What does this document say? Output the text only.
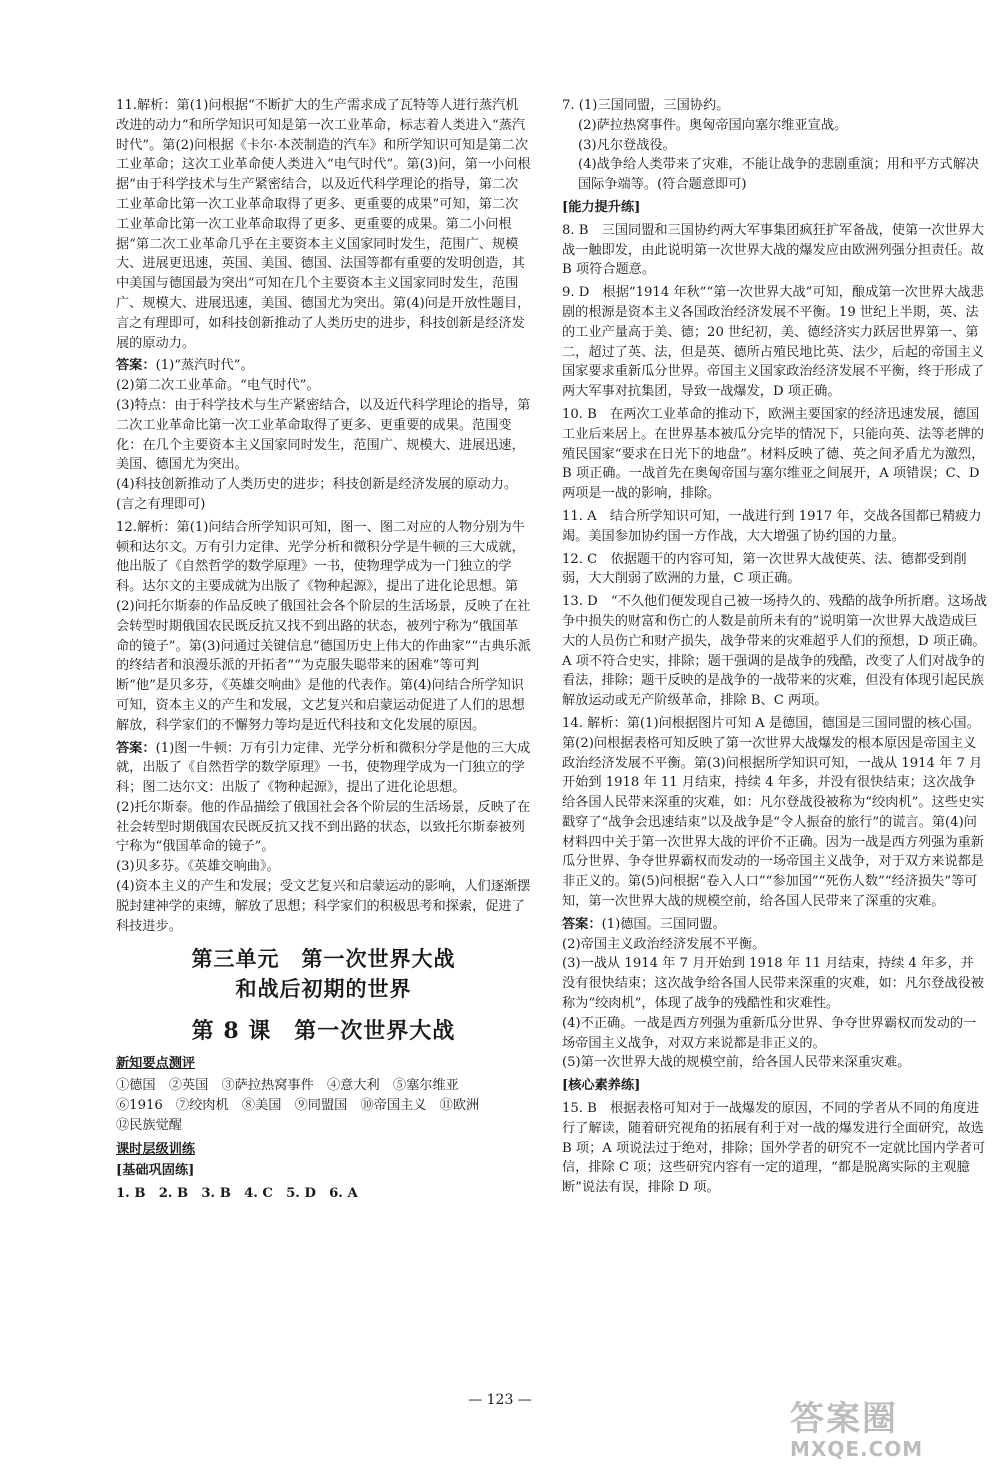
11.解析：第(1)问根据“不断扩大的生产需求成了瓦特等人进行蒸汽机改进的动力”和所学知识可知是第一次工业革命，标志着人类进入“蒸汽时代”。第(2)问根据《卡尔·本茨制造的汽车》和所学知识可知是第二次工业革命；这次工业革命使人类进入“电气时代”。第(3)问，第一小问根据“由于科学技术与生产紧密结合，以及近代科学理论的指导，第二次工业革命比第一次工业革命取得了更多、更重要的成果”可知，第二次工业革命比第一次工业革命取得了更多、更重要的成果。第二小问根据“第二次工业革命几乎在主要资本主义国家同时发生，范围广、规模大、进展更迅速，英国、美国、德国、法国等都有重要的发明创造，其中美国与德国最为突出”可知在几个主要资本主义国家同时发生，范围广、规模大、进展迅速，美国、德国尤为突出。第(4)问是开放性题目，言之有理即可，如科技创新推动了人类历史的进步，科技创新是经济发展的原动力。

答案：(1)“蒸汽时代”。

(2)第二次工业革命。“电气时代”。

(3)特点：由于科学技术与生产紧密结合，以及近代科学理论的指导，第二次工业革命比第一次工业革命取得了更多、更重要的成果。范围变化：在几个主要资本主义国家同时发生，范围广、规模大、进展迅速，美国、德国尤为突出。

(4)科技创新推动了人类历史的进步；科技创新是经济发展的原动力。(言之有理即可)

12.解析：第(1)问结合所学知识可知，图一、图二对应的人物分别为牛顿和达尔文。万有引力定律、光学分析和微积分学是牛顿的三大成就，他出版了《自然哲学的数学原理》一书，使物理学成为一门独立的学科。达尔文的主要成就为出版了《物种起源》，提出了进化论思想。第(2)问托尔斯泰的作品反映了俄国社会各个阶层的生活场景，反映了在社会转型时期俄国农民既反抗又找不到出路的状态，被列宁称为“俄国革命的镜子”。第(3)问通过关键信息“德国历史上伟大的作曲家”“古典乐派的终结者和浪漫乐派的开拓者”“为克服失聪带来的困难”等可判断“他”是贝多芬，《英雄交响曲》是他的代表作。第(4)问结合所学知识可知，资本主义的产生和发展，文艺复兴和启蒙运动促进了人们的思想解放，科学家们的不懈努力等均是近代科技和文化发展的原因。

答案：(1)图一牛顿：万有引力定律、光学分析和微积分学是他的三大成就，出版了《自然哲学的数学原理》一书，使物理学成为一门独立的学科；图二达尔文：出版了《物种起源》，提出了进化论思想。

(2)托尔斯泰。他的作品描绘了俄国社会各个阶层的生活场景，反映了在社会转型时期俄国农民既反抗又找不到出路的状态，以致托尔斯泰被列宁称为“俄国革命的镜子”。

(3)贝多芬。《英雄交响曲》。

(4)资本主义的产生和发展；受文艺复兴和启蒙运动的影响，人们逐渐摆脱封建神学的束缚，解放了思想；科学家们的积极思考和探索，促进了科技进步。

第三单元　第一次世界大战
和战后初期的世界
第 8 课　第一次世界大战
新知要点测评

①德国　②英国　③萨拉热窝事件　④意大利　⑤塞尔维亚

⑥1916　⑦绞肉机　⑧美国　⑨同盟国　⑩帝国主义　⑪欧洲

⑫民族觉醒

课时层级训练
[基础巩固练]
1. B　2. B　3. B　4. C　5. D　6. A

7. (1)三国同盟，三国协约。

(2)萨拉热窝事件。奥匈帝国向塞尔维亚宣战。

(3)凡尔登战役。

(4)战争给人类带来了灾难，不能让战争的悲剧重演；用和平方式解决国际争端等。(符合题意即可)

[能力提升练]

8. B　三国同盟和三国协约两大军事集团疯狂扩军备战，使第一次世界大战一触即发，由此说明第一次世界大战的爆发应由欧洲列强分担责任。故 B 项符合题意。

9. D　根据“1914 年秋”“第一次世界大战”可知，酿成第一次世界大战悲剧的根源是资本主义各国政治经济发展不平衡。19 世纪上半期，英、法的工业产量高于美、德；20 世纪初，美、德经济实力跃居世界第一、第二，超过了英、法，但是英、德所占殖民地比英、法少，后起的帝国主义国家要求重新瓜分世界。帝国主义国家政治经济发展不平衡，终于形成了两大军事对抗集团，导致一战爆发，D 项正确。

10. B　在两次工业革命的推动下，欧洲主要国家的经济迅速发展，德国工业后来居上。在世界基本被瓜分完毕的情况下，只能向英、法等老牌的殖民国家“要求在日光下的地盘”。材料反映了德、英之间矛盾尤为激烈，B 项正确。一战首先在奥匈帝国与塞尔维亚之间展开，A 项错误；C、D 两项是一战的影响，排除。

11. A　结合所学知识可知，一战进行到 1917 年，交战各国都已精疲力竭。美国参加协约国一方作战，大大增强了协约国的力量。

12. C　依据题干的内容可知，第一次世界大战使英、法、德都受到削弱，大大削弱了欧洲的力量，C 项正确。

13. D　“不久他们便发现自己被一场持久的、残酷的战争所折磨。这场战争中损失的财富和伤亡的人数是前所未有的”说明第一次世界大战造成巨大的人员伤亡和财产损失，战争带来的灾难超乎人们的预想，D 项正确。A 项不符合史实，排除；题干强调的是战争的残酷，改变了人们对战争的看法，排除；题干反映的是战争的一战带来的灾难，但没有体现引起民族解放运动或无产阶级革命，排除 B、C 两项。

14. 解析：第(1)问根据图片可知 A 是德国，德国是三国同盟的核心国。第(2)问根据表格可知反映了第一次世界大战爆发的根本原因是帝国主义政治经济发展不平衡。第(3)问根据所学知识可知，一战从 1914 年 7 月开始到 1918 年 11 月结束，持续 4 年多，并没有很快结束；这次战争给各国人民带来深重的灾难，如：凡尔登战役被称为“绞肉机”。这些史实戳穿了“战争会迅速结束”以及战争是“令人振奋的旅行”的谎言。第(4)问材料四中关于第一次世界大战的评价不正确。因为一战是西方列强为重新瓜分世界、争夺世界霸权而发动的一场帝国主义战争，对于双方来说都是非正义的。第(5)问根据“卷入人口”“参加国”“死伤人数”“经济损失”等可知，第一次世界大战的规模空前，给各国人民带来了深重的灾难。

答案：(1)德国。三国同盟。

(2)帝国主义政治经济发展不平衡。

(3)一战从 1914 年 7 月开始到 1918 年 11 月结束，持续 4 年多，并没有很快结束；这次战争给各国人民带来深重的灾难，如：凡尔登战役被称为“绞肉机”，体现了战争的残酷性和灾难性。

(4)不正确。一战是西方列强为重新瓜分世界、争夺世界霸权而发动的一场帝国主义战争，对双方来说都是非正义的。

(5)第一次世界大战的规模空前，给各国人民带来深重灾难。

[核心素养练]

15. B　根据表格可知对于一战爆发的原因，不同的学者从不同的角度进行了解读，随着研究视角的拓展有利于对一战的爆发进行全面研究，故选 B 项；A 项说法过于绝对，排除；国外学者的研究不一定就比国内学者可信，排除 C 项；这些研究内容有一定的道理，“都是脱离实际的主观臆断”说法有误，排除 D 项。

— 123 —	答案圈
MXQE.COM
